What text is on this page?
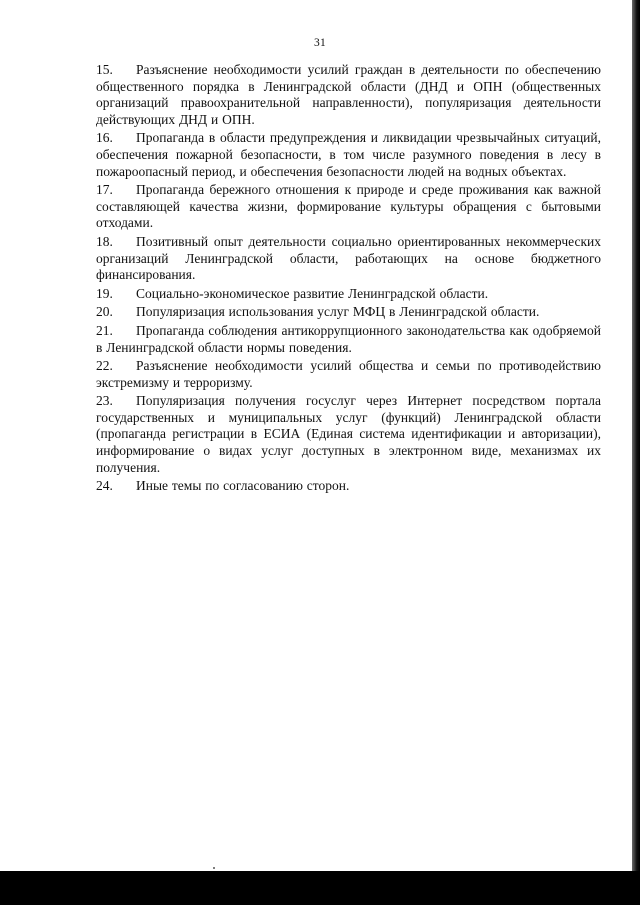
31

15. Разъяснение необходимости усилий граждан в деятельности по обеспечению общественного порядка в Ленинградской области (ДНД и ОПН (общественных организаций правоохранительной направленности), популяризация деятельности действующих ДНД и ОПН.

16. Пропаганда в области предупреждения и ликвидации чрезвычайных ситуаций, обеспечения пожарной безопасности, в том числе разумного поведения в лесу в пожароопасный период, и обеспечения безопасности людей на водных объектах.

17. Пропаганда бережного отношения к природе и среде проживания как важной составляющей качества жизни, формирование культуры обращения с бытовыми отходами.

18. Позитивный опыт деятельности социально ориентированных некоммерческих организаций Ленинградской области, работающих на основе бюджетного финансирования.

19. Социально-экономическое развитие Ленинградской области.

20. Популяризация использования услуг МФЦ в Ленинградской области.

21. Пропаганда соблюдения антикоррупционного законодательства как одобряемой в Ленинградской области нормы поведения.

22. Разъяснение необходимости усилий общества и семьи по противодействию экстремизму и терроризму.

23. Популяризация получения госуслуг через Интернет посредством портала государственных и муниципальных услуг (функций) Ленинградской области (пропаганда регистрации в ЕСИА (Единая система идентификации и авторизации), информирование о видах услуг доступных в электронном виде, механизмах их получения.

24. Иные темы по согласованию сторон.
